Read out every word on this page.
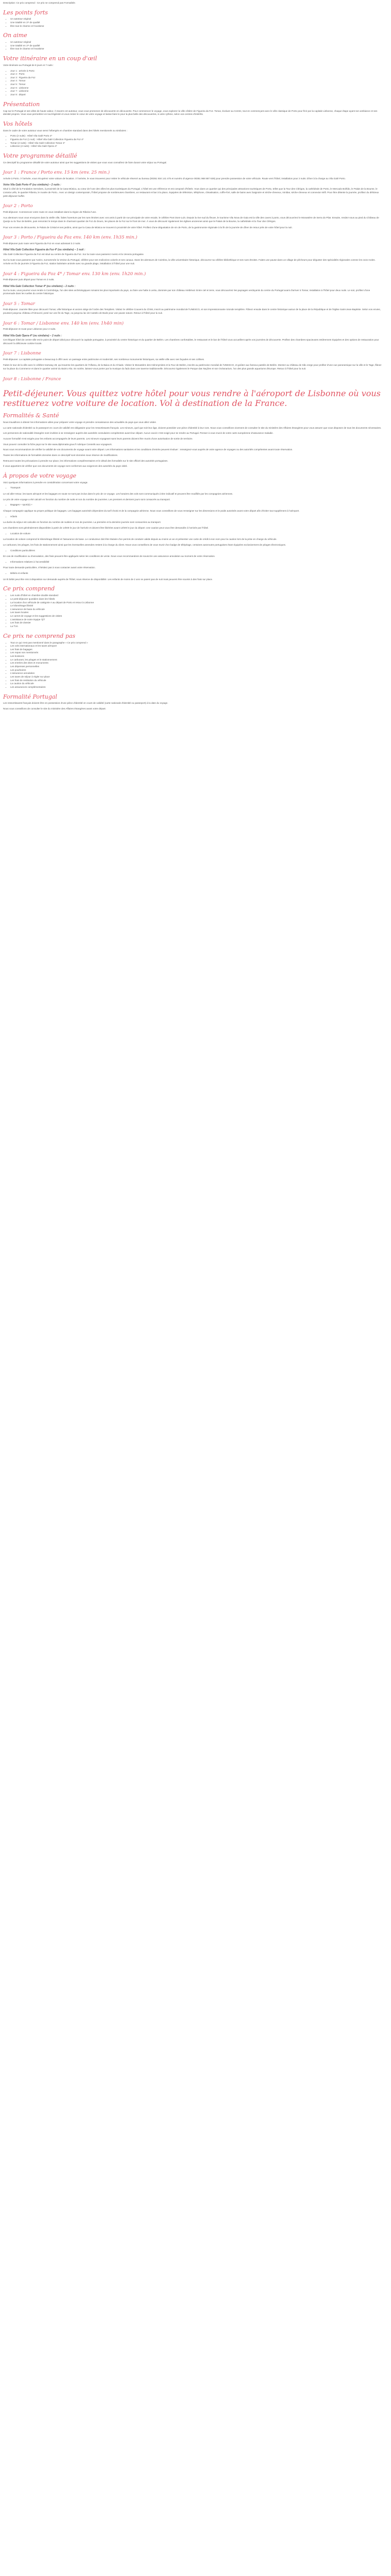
Description: Ce prix comprend : Ce prix ne comprend pas Formalités

Les points forts
• Un autotour original
• Une totalité en 1ʳᵉ de qualité
• Être tout le charme et l'exotisme
On aime
• Un autotour original
• Une totalité en 1ʳᵉ de qualité
• Être tout le charme et l'exotisme
Votre itinéraire en un coup d'œil

Votre itinéraire au Portugal de 8 jours et 7 nuits :

• Jour 1 : arrivée à Porto
• Jour 2 : Porto
• Jour 3 : Figueira da Foz
• Jour 4 : Tomar
• Jour 5 : Tomar
• Jour 6 : Lisbonne
• Jour 7 : Lisbonne
• Jour 8 : départ
Présentation

Cap sur le Portugal et ses villes de haute valeur. À travers cet autotour, vous vous promenez de découverte en découverte. Pour commencer le voyage, vous explorez la ville côtière de Figueira da Foz. Tomar, évoluez au Centre, tout en commençant avec le ville classique de Porto pour finir par la capitale Lisbonne, chaque étape ayant son ambiance et ses identité propres. Vous vous permettrez en tout légèreté et vous restez le cœur de votre voyage et laisse-faire le pour la plus belle des découvertes, à votre rythme, selon vos centres d'intérêts.

Vos hôtels

Dans le cadre de votre autotour vous serez hébergés en chambre standard dans des hôtels mentionnés ou similaires :

• Porto (2 nuits) : Hôtel Vila Galé Porto 4*
• Figueira da Foz (1 nuit) : Hôtel Vila Galé Collection Figueira da Foz 4*
• Tomar (2 nuits) : Hôtel Vila Galé Collection Tomar 4*
• Lisbonne (2 nuits) : Hôtel Vila Galé Ópera 4*
Votre programme détaillé

Ce descriptif du programme détaillé de votre autotour ainsi que les suggestions de visites que vous vous connaîtrez de faire durant votre séjour au Portugal.

Jour 1 : France / Porto env. 15 km (env. 25 min.)

Arrivée à Porto. À l'arrivée, vous récupérez votre voiture de location. À l'arrivée, le vous trouverez pour retirer le véhicule réservé au bureau (00351 934 141 475 et numéro d'urgence 00351 968 867 639) pour prendre possession de votre véhicule. Route vers l'hôtel, installation pour 2 nuits. Dîner à la charge au Vila Galé Porto.

Votre Vila Galé Porto 4* (ou similaire) – 2 nuits :

Situé à côté de la Fondation Serralves, à proximité de la Casa Música, au cœur de l'une des villes les plus touristiques du Portugal. L'hôtel est une référence et est composé d'hôtels. Vous dans un quartier qui des principales attractions touristiques de Porto, telles que la Tour des Clérigos, la cathédrale de Porto, le Mercado Bolhão, le Palais de la Bourse, le Livraria Lello, le quartier Ribeira, le musée de Porto.. Avec un design contemporain, l'hôtel propose de nombreuses chambres, un restaurant et bar à la place, équipées de télévision, téléphone, climatisation, coffre-fort, salle de bains avec baignoire et sèche-cheveux, minibar, sèche-cheveux et connexion Wifi. Pour être détente la journée, profitez du délicieux petit-déjeuner buffet.

Jour 2 : Porto

Petit-déjeuner. Commencez votre route en vous installant dans la région de Ribeira l'une.

Aux alentours nous vous envoyons dans la vieille ville, faites l'aventure par les rues étroites avec vos amis à partir de rue principale de votre escale, le célèbre Pont Dom-Luís. Depuis la rive sud du fleuve, le tourisme Vila Nova de Gaia est la ville des caves à porto, vous découvrirez le Monastère de Serra do Pilar. Ensuite, rendez-vous au pied du Château de Queijo ou la Tour de Belém, puis remontez le temps dans le charmant quartier de Foz do Douro, les places de la Foz sur le front de mer. À vous de découvrir également les églises anciennes ainsi que le Palais de la Bourse, la cathédrale et la Tour dos Clérigos.

Pour vos envies de découverte, le Palais de Cristal et ses jardins, ainsi que la Casa de Música se trouvent à proximité de votre hôtel. Profitez d'une dégustation de vin de Porto, de la gastronomie régionale à la fin de la journée de dîner de retour près de votre hôtel pour la nuit.

Jour 3 : Porto / Figueira da Foz env. 140 km (env. 1h35 min.)

Petit-déjeuner puis route vers Figueira da Foz en vous adossant à 2 nuits.

Hôtel Vila Galé Collection Figueira da Foz 4* (ou similaire) – 1 nuit :

Vila Galé Collection Figueira da Foz est situé au centre de Figueira da Foz. Sur la route vous passerez Aveiro et la Veneza portugaise.

Sur la route vous passerez par Aveiro, surnommée la Venise du Portugal, célèbre pour ses moliceiros colorés et ses canaux. Dans les alentours de Coimbra, la ville universitaire historique, découvrez sa célèbre bibliothèque et ses rues étroites. Faites une pause dans un village de pêcheurs pour déguster des spécialités régionales comme les ovos moles. Arrivée en fin de journée à Figueira da Foz, station balnéaire animée avec sa grande plage, installation à l'hôtel pour une nuit.

Jour 4 : Figueira da Foz 4* / Tomar env. 130 km (env. 1h20 min.)

Petit-déjeuner puis départ pour Tomar en 2 nuits.

Hôtel Vila Galé Collection Tomar 4* (ou similaire) – 2 nuits :

Sur la route, vous pourrez vous rendre à Conímbriga, l'un des sites archéologiques romains les plus importants du pays, ou faire une halte à Leiria, dominée par son château médiéval. Entre ciel et terre, vous découvrirez les paysages verdoyants du centre du Portugal avant d'arriver à Tomar, installation à l'hôtel pour deux nuits. Le soir, profitez d'une promenade dans les ruelles du centre historique.

Jour 5 : Tomar

Petit-déjeuner. Journée libre pour découvrir Tomar, ville historique et ancien siège de l'ordre des Templiers. Visitez le célèbre Couvent du Christ, inscrit au patrimoine mondial de l'UNESCO, et son impressionnante rotonde templière. Flânez ensuite dans le centre historique autour de la place de la République et de l'église Saint-Jean-Baptiste. Selon vos envies, poussez jusqu'au château d'Almourol, posé sur une île du Tage, ou jusqu'au lac de Castelo de Bode pour une pause nature. Retour à l'hôtel pour la nuit.

Jour 6 : Tomar / Lisbonne env. 140 km (env. 1h40 min)

Petit-déjeuner et route pour Lisbonne pour 2 nuits.

Hôtel Vila Galé Ópera 4* (ou similaire) – 2 nuits :

Cet élégant hôtel de centre-ville est le point de départ idéal pour découvrir la capitale portugaise, à proximité du centre historique et du quartier de Belém. Les chambres confortables, le restaurant et le bar de l'hôtel vous accueillent après vos journées de découverte. Profitez des chambres spacieuses entièrement équipées et des options de restauration pour découvrir la délicieuse cuisine locale.

Jour 7 : Lisbonne

Petit-déjeuner. La capitale portugaise a beaucoup à offrir avec un passage entre patrimoine et modernité, ses nombreux monuments historiques, sa vieille ville avec ses façades et ses collines.

Faites le tour de la ville avec le célèbre tramway 28, qui traverse les quartiers de l'Alfama, de la Baixa et du Chiado. Visitez le Monastère des Hiéronymites et la Tour de Belém, inscrits au patrimoine mondial de l'UNESCO, et goûtez aux fameux pastéis de Belém. Montez au château de São Jorge pour profiter d'une vue panoramique sur la ville et le Tage, flânez sur la place du Commerce et dans le quartier animé du Bairro Alto. En soirée, laissez-vous porter par la musique du fado dans une taverne traditionnelle. Découvrez également le Parque das Nações et son Océanarium, l'un des plus grands aquariums d'Europe. Retour à l'hôtel pour la nuit.

Jour 8 : Lisbonne / France
Petit-déjeuner. Vous quittez votre hôtel pour vous rendre à l'aéroport de Lisbonne où vous restituerez votre voiture de location. Vol à destination de la France.
Formalités & Santé

Nous travaillons à obtenir les informations utiles pour préparer votre voyage et prendre connaissance des actualités du pays que vous allez visiter.

La carte nationale d'identité ou le passeport en cours de validité est obligatoire pour les ressortissants français. Les mineurs, quel que soit leur âge, doivent posséder une pièce d'identité à leur nom. Nous vous conseillons vivement de consulter le site du ministère des Affaires étrangères pour vous assurer que vous disposez de tous les documents nécessaires.

Les personnes de nationalité étrangère sont invitées à se renseigner auprès des autorités consulaires compétentes avant leur départ. Aucun vaccin n'est exigé pour se rendre au Portugal. Pensez à vous munir de votre carte européenne d'assurance maladie.

Aucune formalité n'est exigée pour les enfants accompagnés de leurs parents. Les mineurs voyageant sans leurs parents doivent être munis d'une autorisation de sortie de territoire.

Vous pouvez consulter la fiche pays sur le site www.diplomatie.gouv.fr rubrique Conseils aux voyageurs.

Nous vous recommandons de vérifier la validité de vos documents de voyage avant votre départ. Les informations sanitaires et les conditions d'entrée peuvent évoluer : renseignez-vous auprès de votre agence de voyages ou des autorités compétentes avant toute réservation.

Toutes les informations de formalités données dans ce descriptif sont données sous réserve de modifications.

Retrouvez toutes les précautions à prendre sur place, les informations complémentaires et le détail des formalités sur le site officiel des autorités portugaises.

Il vous appartient de vérifier que vos documents de voyage sont conformes aux exigences des autorités du pays visité.

À propos de votre voyage

Voici quelques informations à prendre en considération concernant votre voyage.

• Transport

Le vol aller-retour, les taxes aéroport et les bagages en soute ne sont pas inclus dans le prix de ce voyage. Les horaires des vols sont communiqués à titre indicatif et peuvent être modifiés par les compagnies aériennes.

Le prix de votre voyage a été calculé en fonction du nombre de nuits et non du nombre de journées. Les premiers et derniers jours sont consacrés au transport.

• Bagages + sport(s) +

Chaque compagnie applique sa propre politique de bagages. Les bagages autorisés dépendent du tarif choisi et de la compagnie aérienne. Nous vous conseillons de vous renseigner sur les dimensions et le poids autorisés avant votre départ afin d'éviter tout supplément à l'aéroport.

• Hôtels

La durée du séjour est calculée en fonction du nombre de nuitées et non de journées. La première et la dernière journée sont consacrées au transport.

Les chambres sont généralement disponibles à partir de 14h00 le jour de l'arrivée et doivent être libérées avant 12h00 le jour du départ. Une caution peut vous être demandée à l'arrivée par l'hôtel.

• Location de voiture

La location de voiture comprend le kilométrage illimité et l'assurance de base. Le conducteur doit être titulaire d'un permis de conduire valide depuis au moins un an et présenter une carte de crédit à son nom pour la caution lors de la prise en charge du véhicule.

Le carburant, les péages, les frais de stationnement ainsi que les éventuelles amendes restent à la charge du client. Nous vous conseillons de vous munir d'un badge de télépéage, certaines autoroutes portugaises étant équipées exclusivement de péages électroniques.

• Conditions particulières

En cas de modification ou d'annulation, des frais peuvent être appliqués selon les conditions de vente. Nous vous recommandons de souscrire une assurance annulation au moment de votre réservation.

• Informations relatives à l'accessibilité

Pour toute demande particulière, n'hésitez pas à nous contacter avant votre réservation.

• Bébés et enfants

Un lit bébé peut être mis à disposition sur demande auprès de l'hôtel, sous réserve de disponibilité. Les enfants de moins de 2 ans ne paient pas de nuit mais peuvent être soumis à des frais sur place.

Ce prix comprend
• Les nuits d'hôtel en chambre double standard
• Le petit-déjeuner quotidien dans les hôtels
• La location d'un véhicule de catégorie A au départ de Porto et retour à Lisbonne
• Le kilométrage illimité
• L'assurance de base du véhicule
• Les taxes locales
• Le carnet de voyage et les suggestions de visites
• L'assistance de notre équipe 7j/7
• Les frais de dossier
• La TVA
Ce prix ne comprend pas
• Tout ce qui n'est pas mentionné dans le paragraphe « Ce prix comprend »
• Les vols internationaux et les taxes aéroport
• Les frais de bagages
• Les repas non mentionnés
• Les boissons
• Le carburant, les péages et le stationnement
• Les entrées des sites et monuments
• Les dépenses personnelles
• Les pourboires
• L'assurance annulation
• Les taxes de séjour à régler sur place
• Les frais de restitution du véhicule
• La caution du véhicule
• Les assurances complémentaires
Formalité Portugal

Les ressortissants français doivent être en possession d'une pièce d'identité en cours de validité (carte nationale d'identité ou passeport) à la date du voyage.

Nous vous conseillons de consulter le site du ministère des Affaires étrangères avant votre départ.
